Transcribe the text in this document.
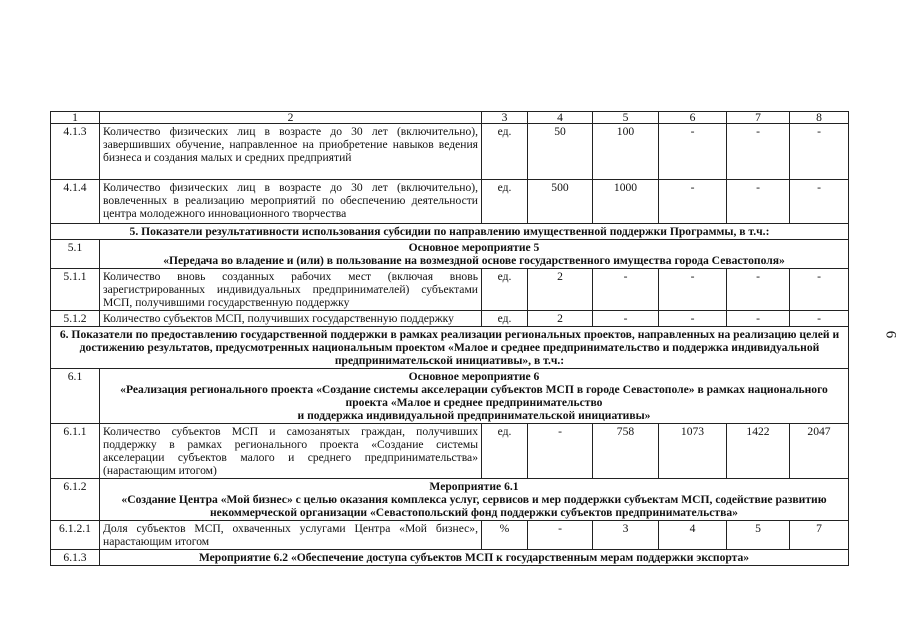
1	2	3	4	5	6	7	8
4.1.3	Количество физических лиц в возрасте до 30 лет (включительно), завершивших обучение, направленное на приобретение навыков ведения бизнеса и создания малых и средних предприятий	ед.	50	100	-	-	-
4.1.4	Количество физических лиц в возрасте до 30 лет (включительно), вовлеченных в реализацию мероприятий по обеспечению деятельности центра молодежного инновационного творчества	ед.	500	1000	-	-	-
5. Показатели результативности использования субсидии по направлению имущественной поддержки Программы, в т.ч.:							
5.1	Основное мероприятие 5
«Передача во владение и (или) в пользование на возмездной основе государственного имущества города Севастополя»						

5.1.1	Количество вновь созданных рабочих мест (включая вновь зарегистрированных индивидуальных предпринимателей) субъектами МСП, получившими государственную поддержку	ед.	2	-	-	-	-
5.1.2	Количество субъектов МСП, получивших государственную поддержку	ед.	2	-	-	-	-
6. Показатели по предоставлению государственной поддержки в рамках реализации региональных проектов, направленных на реализацию целей и достижению результатов, предусмотренных национальным проектом «Малое и среднее предпринимательство и поддержка индивидуальной предпринимательской инициативы», в т.ч.:							
6.1	Основное мероприятие 6
«Реализация регионального проекта «Создание системы акселерации субъектов МСП в городе Севастополе» в рамках национального проекта «Малое и среднее предпринимательство
и поддержка индивидуальной предпринимательской инициативы»						

6.1.1	Количество субъектов МСП и самозанятых граждан, получивших поддержку в рамках регионального проекта «Создание системы акселерации субъектов малого и среднего предпринимательства» (нарастающим итогом)	ед.	-	758	1073	1422	2047
6.1.2	Мероприятие 6.1
«Создание Центра «Мой бизнес» с целью оказания комплекса услуг, сервисов и мер поддержки субъектам МСП, содействие развитию некоммерческой организации «Севастопольский фонд поддержки субъектов предпринимательства»						

6.1.2.1	Доля субъектов МСП, охваченных услугами Центра «Мой бизнес», нарастающим итогом	%	-	3	4	5	7
6.1.3	Мероприятие 6.2 «Обеспечение доступа субъектов МСП к государственным мерам поддержки экспорта»						
6
